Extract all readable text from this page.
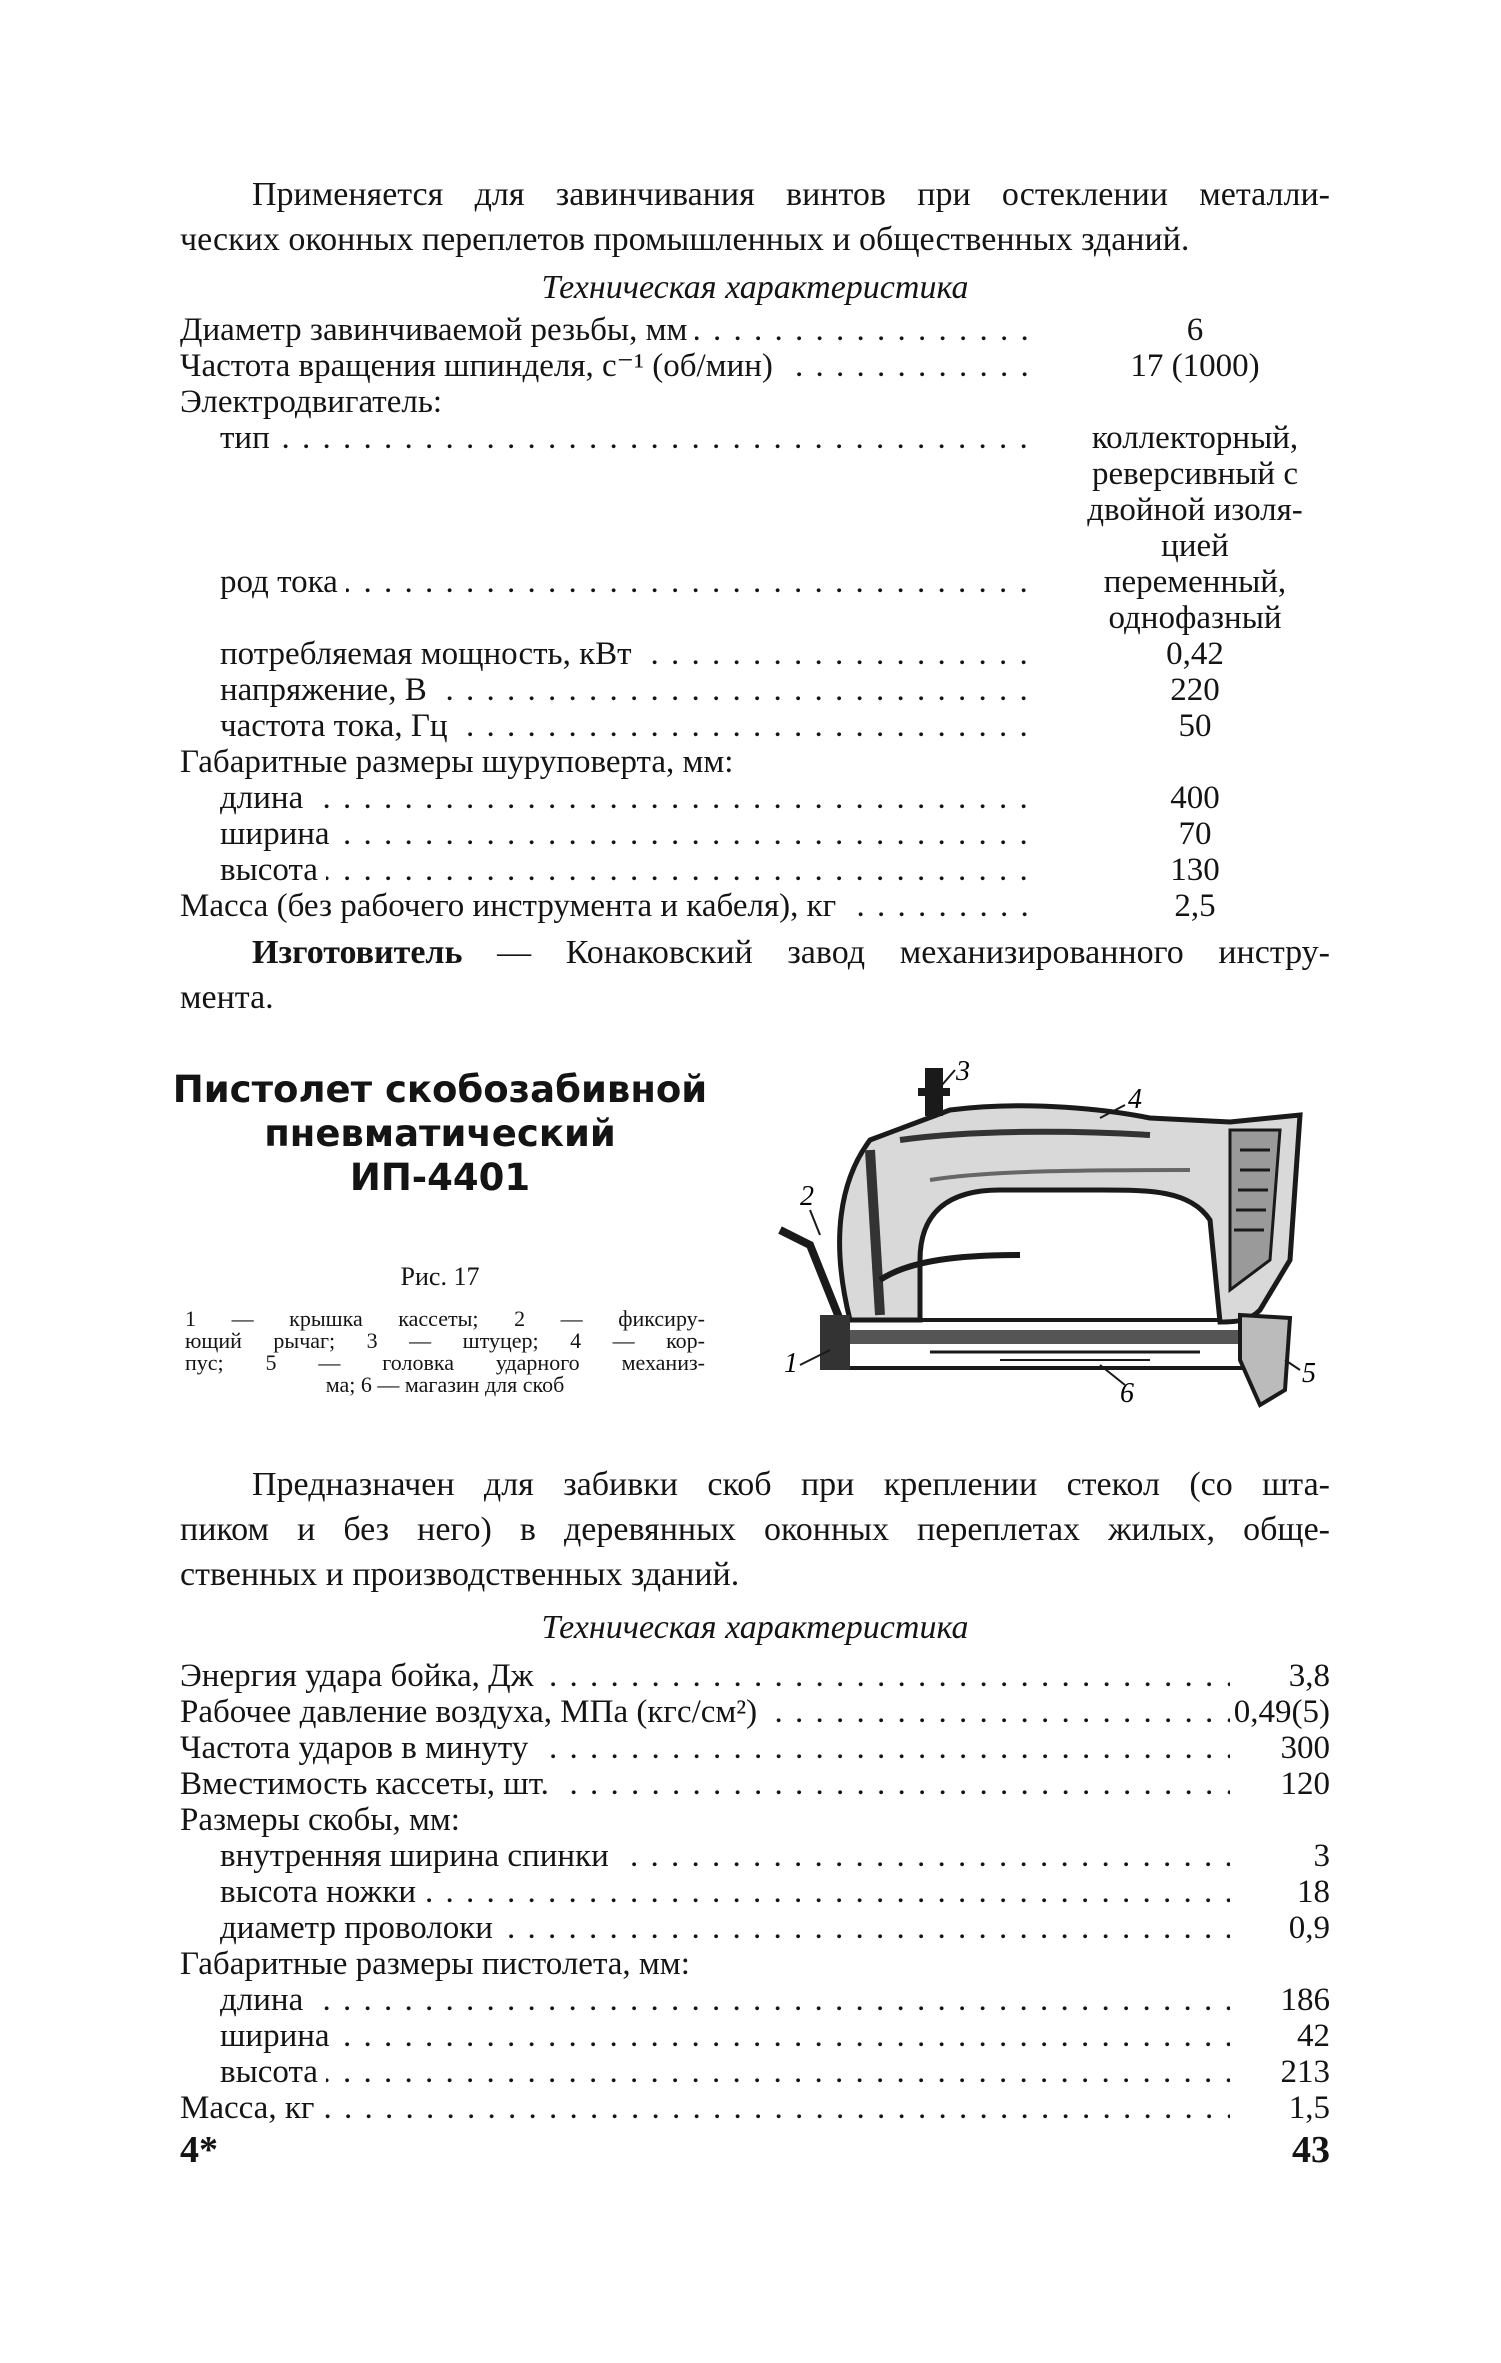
Применяется для завинчивания винтов при остеклении металли-
ческих оконных переплетов промышленных и общественных зданий.

Техническая характеристика

Диаметр завинчиваемой резьбы, мм . . .	6
Частота вращения шпинделя, с⁻¹ (об/мин) . . .	17 (1000)
Электродвигатель:
тип . . .	коллекторный,
реверсивный с
двойной изоля-
цией
род тока . . .	переменный,
однофазный
потребляемая мощность, кВт . . .	0,42
напряжение, В . . .	220
частота тока, Гц . . .	50
Габаритные размеры шуруповерта, мм:
длина . . .	400
ширина . . .	70
высота . . .	130
Масса (без рабочего инструмента и кабеля), кг . . .	2,5

Изготовитель — Конаковский завод механизированного инстру-
мента.

Пистолет скобозабивной
пневматический
ИП-4401

Рис. 17

1 — крышка кассеты; 2 — фиксиру-
ющий рычаг; 3 — штуцер; 4 — кор-
пус; 5 — головка ударного механиз-
ма; 6 — магазин для скоб
1
2
3
4
5
6

Предназначен для забивки скоб при креплении стекол (со шта-
пиком и без него) в деревянных оконных переплетах жилых, обще-
ственных и производственных зданий.

Техническая характеристика

Энергия удара бойка, Дж . . .	3,8
Рабочее давление воздуха, МПа (кгс/см²) . . .	0,49(5)
Частота ударов в минуту . . .	300
Вместимость кассеты, шт. . . .	120
Размеры скобы, мм:
внутренняя ширина спинки . . .	3
высота ножки . . .	18
диаметр проволоки . . .	0,9
Габаритные размеры пистолета, мм:
длина . . .	186
ширина . . .	42
высота . . .	213
Масса, кг . . .	1,5
4*	43
